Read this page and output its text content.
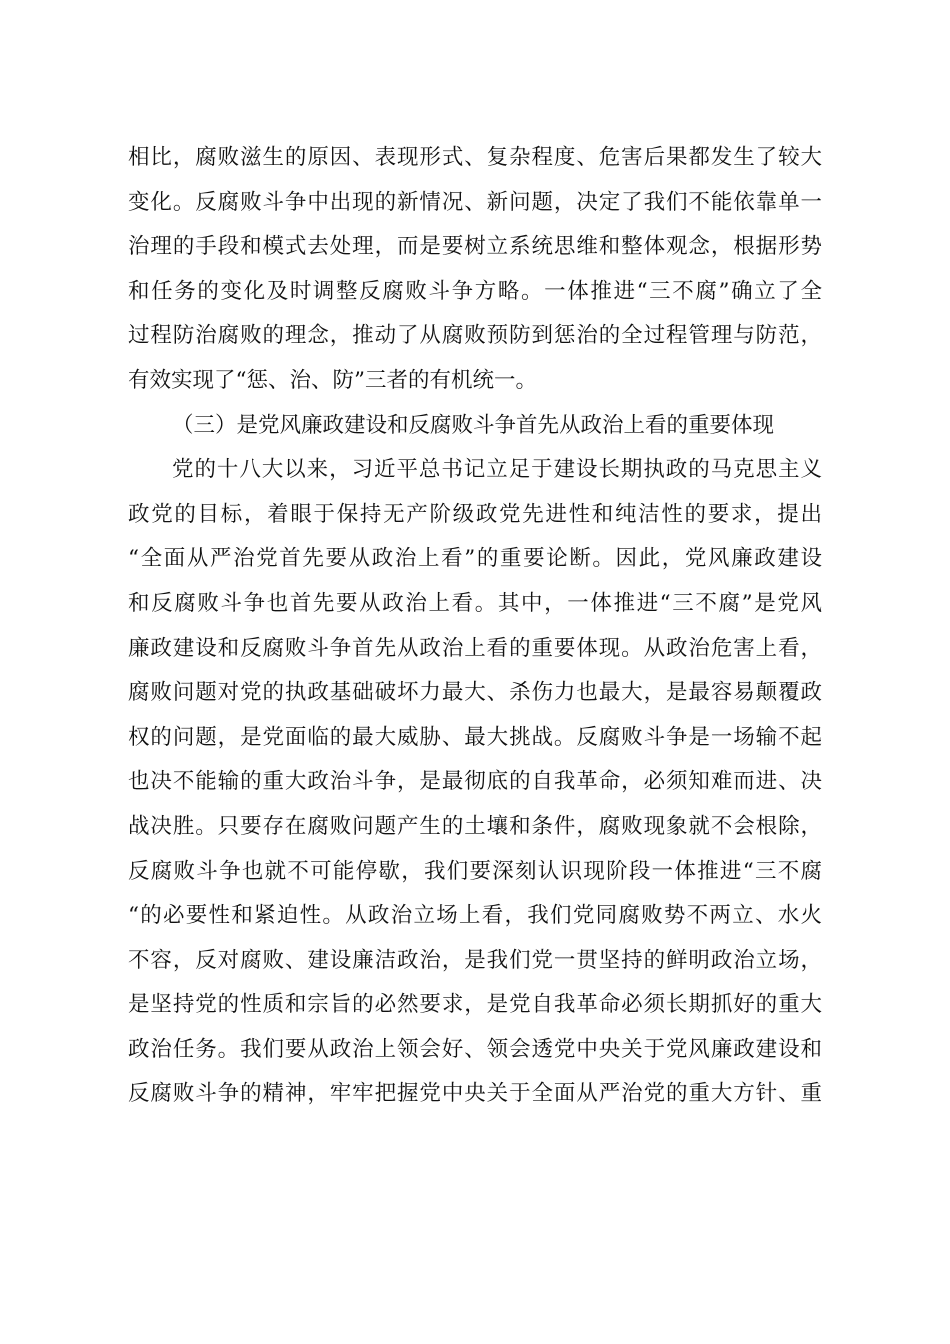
相比，腐败滋生的原因、表现形式、复杂程度、危害后果都发生了较大
变化。反腐败斗争中出现的新情况、新问题，决定了我们不能依靠单一
治理的手段和模式去处理，而是要树立系统思维和整体观念，根据形势
和任务的变化及时调整反腐败斗争方略。一体推进“三不腐”确立了全
过程防治腐败的理念，推动了从腐败预防到惩治的全过程管理与防范，
有效实现了“惩、治、防”三者的有机统一。
（三）是党风廉政建设和反腐败斗争首先从政治上看的重要体现
党的十八大以来，习近平总书记立足于建设长期执政的马克思主义
政党的目标，着眼于保持无产阶级政党先进性和纯洁性的要求，提出
“全面从严治党首先要从政治上看”的重要论断。因此，党风廉政建设
和反腐败斗争也首先要从政治上看。其中，一体推进“三不腐”是党风
廉政建设和反腐败斗争首先从政治上看的重要体现。从政治危害上看，
腐败问题对党的执政基础破坏力最大、杀伤力也最大，是最容易颠覆政
权的问题，是党面临的最大威胁、最大挑战。反腐败斗争是一场输不起
也决不能输的重大政治斗争，是最彻底的自我革命，必须知难而进、决
战决胜。只要存在腐败问题产生的土壤和条件，腐败现象就不会根除，
反腐败斗争也就不可能停歇，我们要深刻认识现阶段一体推进“三不腐
“的必要性和紧迫性。从政治立场上看，我们党同腐败势不两立、水火
不容，反对腐败、建设廉洁政治，是我们党一贯坚持的鲜明政治立场，
是坚持党的性质和宗旨的必然要求，是党自我革命必须长期抓好的重大
政治任务。我们要从政治上领会好、领会透党中央关于党风廉政建设和
反腐败斗争的精神，牢牢把握党中央关于全面从严治党的重大方针、重
